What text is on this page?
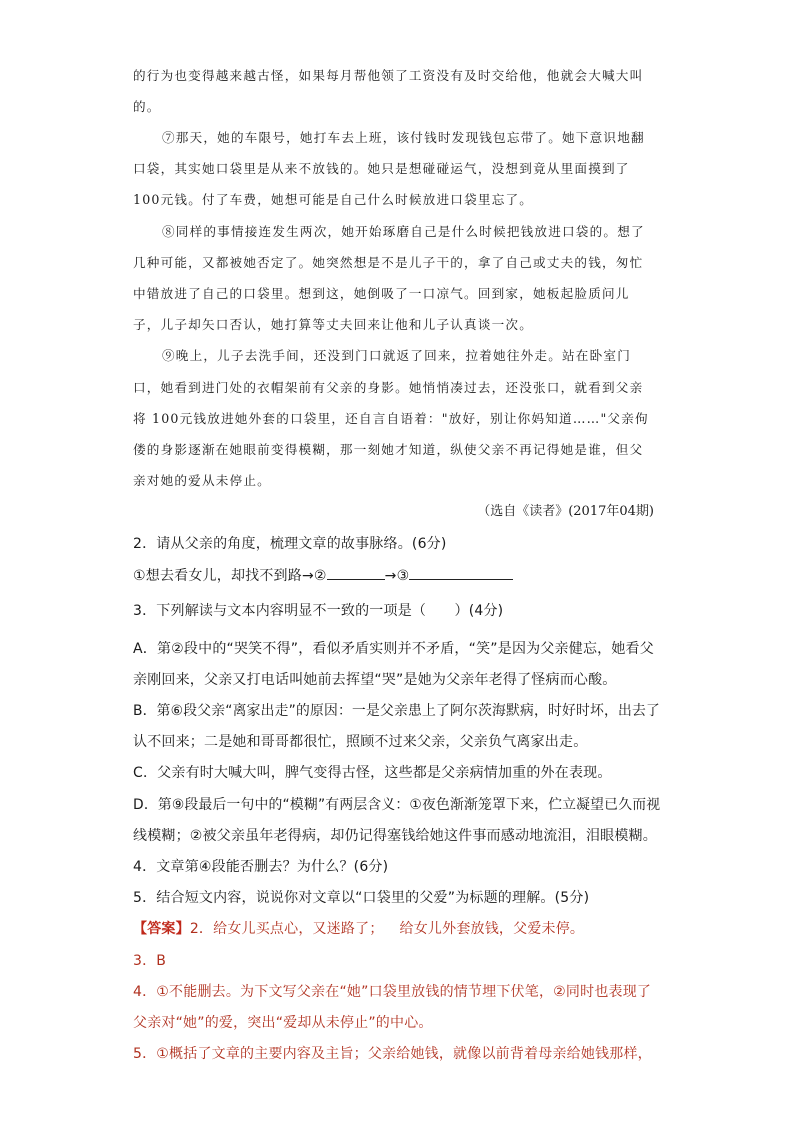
的行为也变得越来越古怪，如果每月帮他领了工资没有及时交给他，他就会大喊大叫
的。
⑦那天，她的车限号，她打车去上班，该付钱时发现钱包忘带了。她下意识地翻
口袋，其实她口袋里是从来不放钱的。她只是想碰碰运气，没想到竟从里面摸到了
100元钱。付了车费，她想可能是自己什么时候放进口袋里忘了。
⑧同样的事情接连发生两次，她开始琢磨自己是什么时候把钱放进口袋的。想了
几种可能，又都被她否定了。她突然想是不是儿子干的，拿了自己或丈夫的钱，匆忙
中错放进了自己的口袋里。想到这，她倒吸了一口凉气。回到家，她板起脸质问儿
子，儿子却矢口否认，她打算等丈夫回来让他和儿子认真谈一次。
⑨晚上，儿子去洗手间，还没到门口就返了回来，拉着她往外走。站在卧室门
口，她看到进门处的衣帽架前有父亲的身影。她悄悄凑过去，还没张口，就看到父亲
将 100元钱放进她外套的口袋里，还自言自语着："放好，别让你妈知道……"父亲佝
偻的身影逐渐在她眼前变得模糊，那一刻她才知道，纵使父亲不再记得她是谁，但父
亲对她的爱从未停止。
（选自《读者》(2017年04期)
2．请从父亲的角度，梳理文章的故事脉络。(6分)
①想去看女儿，却找不到路→②	→③
3．下列解读与文本内容明显不一致的一项是（　　）(4分)
A．第②段中的“哭笑不得”，看似矛盾实则并不矛盾，“笑”是因为父亲健忘，她看父
亲刚回来，父亲又打电话叫她前去挥望“哭”是她为父亲年老得了怪病而心酸。
B．第⑥段父亲“离家出走”的原因：一是父亲患上了阿尔茨海默病，时好时坏，出去了
认不回来；二是她和哥哥都很忙，照顾不过来父亲，父亲负气离家出走。
C．父亲有时大喊大叫，脾气变得古怪，这些都是父亲病情加重的外在表现。
D．第⑨段最后一句中的“模糊”有两层含义：①夜色渐渐笼罩下来，伫立凝望已久而视
线模糊；②被父亲虽年老得病，却仍记得塞钱给她这件事而感动地流泪，泪眼模糊。
4．文章第④段能否删去？为什么？(6分)
5．结合短文内容，说说你对文章以“口袋里的父爱”为标题的理解。(5分)
【答案】2．给女儿买点心，又迷路了； 给女儿外套放钱，父爱未停。
3．B
4．①不能删去。为下文写父亲在“她”口袋里放钱的情节埋下伏笔，②同时也表现了
父亲对“她”的爱，突出“爱却从未停止”的中心。
5．①概括了文章的主要内容及主旨；父亲给她钱，就像以前背着母亲给她钱那样，
